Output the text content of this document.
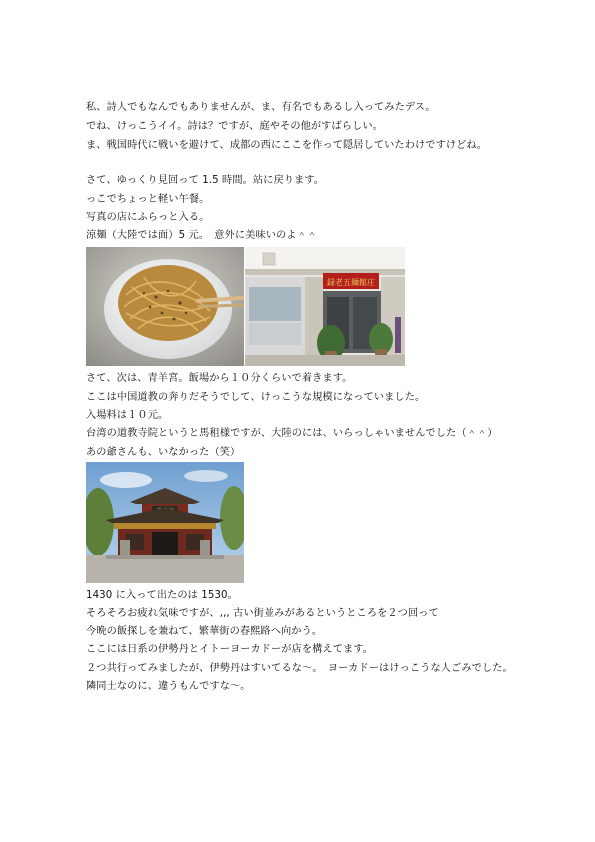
私、詩人でもなんでもありませんが、ま、有名でもあるし入ってみたデス。
でね、けっこうイイ。詩は？ですが、庭やその他がすばらしい。
ま、戦国時代に戦いを避けて、成都の西にここを作って隠居していたわけですけどね。
さて、ゆっくり見回って 1.5 時間。站に戻ります。
っこでちょっと軽い午餐。
写真の店にふらっと入る。
涼麺（大陸では面）5 元。　意外に美味いのよ＾＾
録老五麺館庄
さて、次は、青羊宮。飯場から１０分くらいで着きます。
ここは中国道教の奔りだそうでして、けっこうな規模になっていました。
入場料は１０元。
台湾の道教寺院というと馬租様ですが、大陸のには、いらっしゃいませんでした（＾＾）
あの爺さんも、いなかった（笑）
1430 に入って出たのは 1530。
そろそろお疲れ気味ですが、,,, 古い街並みがあるというところを２つ回って
今晩の飯探しを兼ねて、繁華街の春熙路へ向かう。
ここには日系の伊勢丹とイトーヨーカドーが店を構えてます。
２つ共行ってみましたが、伊勢丹はすいてるな〜。　ヨーカドーはけっこうな人ごみでした。
隣同士なのに、違うもんですな〜。
